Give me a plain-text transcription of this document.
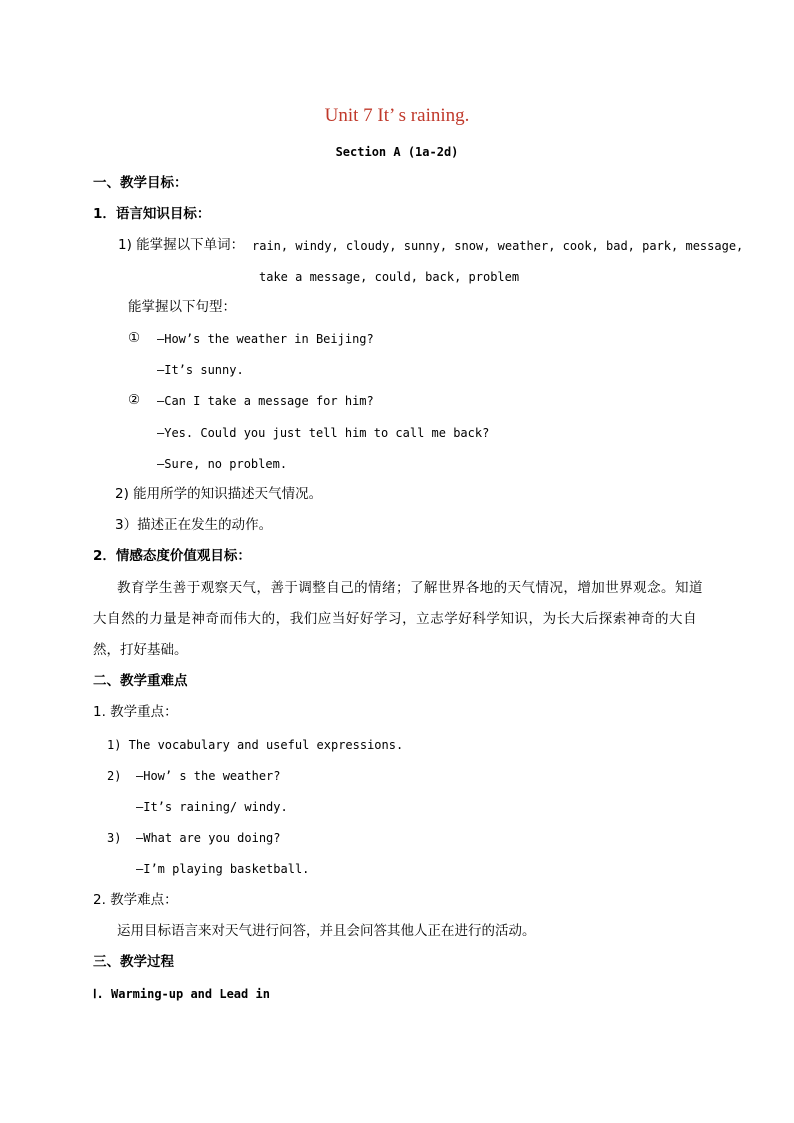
Unit 7 It’ s raining.
Section A (1a-2d)
一、教学目标：
1．语言知识目标：
1) 能掌握以下单词： rain, windy, cloudy, sunny, snow, weather, cook, bad, park, message,
take a message, could, back, problem
能掌握以下句型：
① —How’s the weather in Beijing?
—It’s sunny.
② —Can I take a message for him?
—Yes. Could you just tell him to call me back?
—Sure, no problem.
2) 能用所学的知识描述天气情况。
3）描述正在发生的动作。
2．情感态度价值观目标：
教育学生善于观察天气，善于调整自己的情绪；了解世界各地的天气情况，增加世界观念。知道
大自然的力量是神奇而伟大的，我们应当好好学习，立志学好科学知识，为长大后探索神奇的大自
然，打好基础。
二、教学重难点
1. 教学重点：
1) The vocabulary and useful expressions.
2) —How’ s the weather?
—It’s raining/ windy.
3) —What are you doing?
—I’m playing basketball.
2. 教学难点：
运用目标语言来对天气进行问答，并且会问答其他人正在进行的活动。
三、教学过程
Ⅰ. Warming-up and Lead in
